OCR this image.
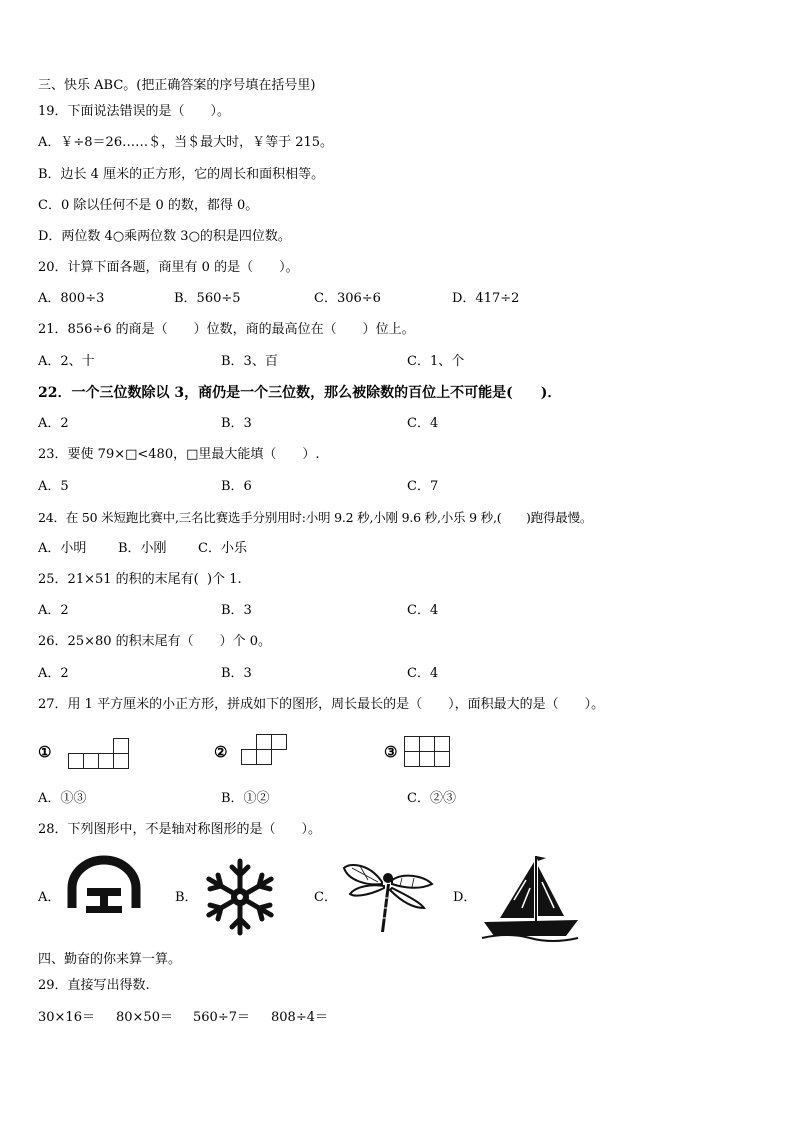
三、快乐 ABC。(把正确答案的序号填在括号里)
19．下面说法错误的是（　　）。
A．￥÷8＝26……＄，当＄最大时，￥等于 215。
B．边长 4 厘米的正方形，它的周长和面积相等。
C．0 除以任何不是 0 的数，都得 0。
D．两位数 4○乘两位数 3○的积是四位数。
20．计算下面各题，商里有 0 的是（　　）。
A．800÷3	B．560÷5	C．306÷6	D．417÷2
21．856÷6 的商是（　　）位数，商的最高位在（　　）位上。
A．2、十	B．3、百	C．1、个
22．一个三位数除以 3，商仍是一个三位数，那么被除数的百位上不可能是(　　)．
A．2	B．3	C．4
23．要使 79×□<480，□里最大能填（　　）.
A．5	B．6	C．7
24．在 50 米短跑比赛中,三名比赛选手分别用时:小明 9.2 秒,小刚 9.6 秒,小乐 9 秒,(　　)跑得最慢。
A．小明 B．小刚 C．小乐
25．21×51 的积的末尾有(  )个 1.
A．2	B．3	C．4
26．25×80 的积末尾有（　　）个 0。
A．2	B．3	C．4
27．用 1 平方厘米的小正方形，拼成如下的图形，周长最长的是（　　），面积最大的是（　　）。
①	②	③
A．①③	B．①②	C．②③
28．下列图形中，不是轴对称图形的是（　　）。
A．	B．	C．	D．
四、勤奋的你来算一算。
29．直接写出得数.
30×16＝ 80×50＝ 560÷7＝ 808÷4＝
